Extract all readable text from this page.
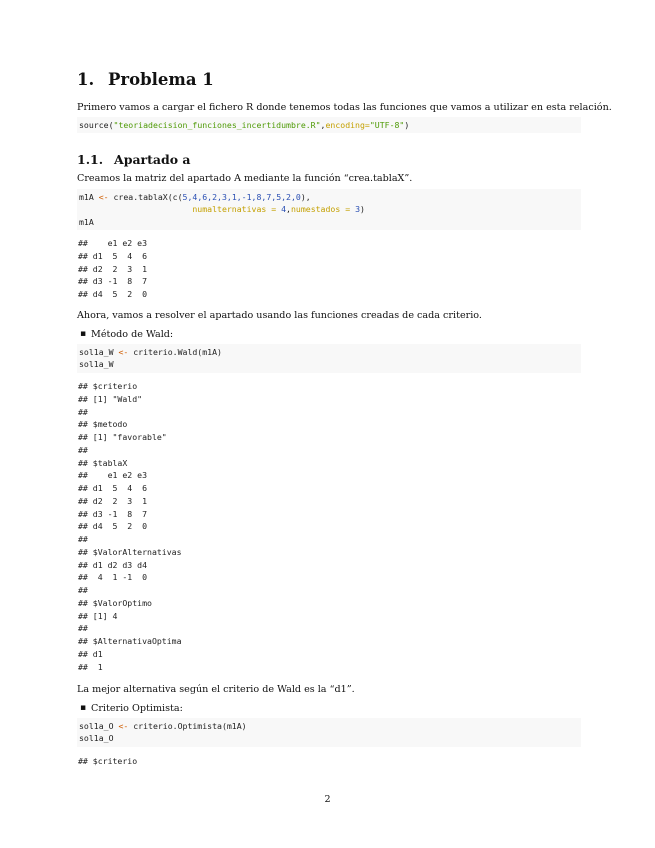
1. Problema 1

Primero vamos a cargar el fichero R donde tenemos todas las funciones que vamos a utilizar en esta relación.

source("teoriadecision_funciones_incertidumbre.R",encoding="UTF-8")
1.1. Apartado a

Creamos la matriz del apartado A mediante la función “crea.tablaX”.

m1A <- crea.tablaX(c(5,4,6,2,3,1,-1,8,7,5,2,0),
numalternativas = 4,numestados = 3)
m1A
##    e1 e2 e3
## d1  5  4  6
## d2  2  3  1
## d3 -1  8  7
## d4  5  2  0

Ahora, vamos a resolver el apartado usando las funciones creadas de cada criterio.

▪ Método de Wald:
sol1a_W <- criterio.Wald(m1A)
sol1a_W
## $criterio
## [1] "Wald"
##
## $metodo
## [1] "favorable"
##
## $tablaX
##    e1 e2 e3
## d1  5  4  6
## d2  2  3  1
## d3 -1  8  7
## d4  5  2  0
##
## $ValorAlternativas
## d1 d2 d3 d4
##  4  1 -1  0
##
## $ValorOptimo
## [1] 4
##
## $AlternativaOptima
## d1
##  1

La mejor alternativa según el criterio de Wald es la “d1”.

▪ Criterio Optimista:
sol1a_O <- criterio.Optimista(m1A)
sol1a_O
## $criterio
2
